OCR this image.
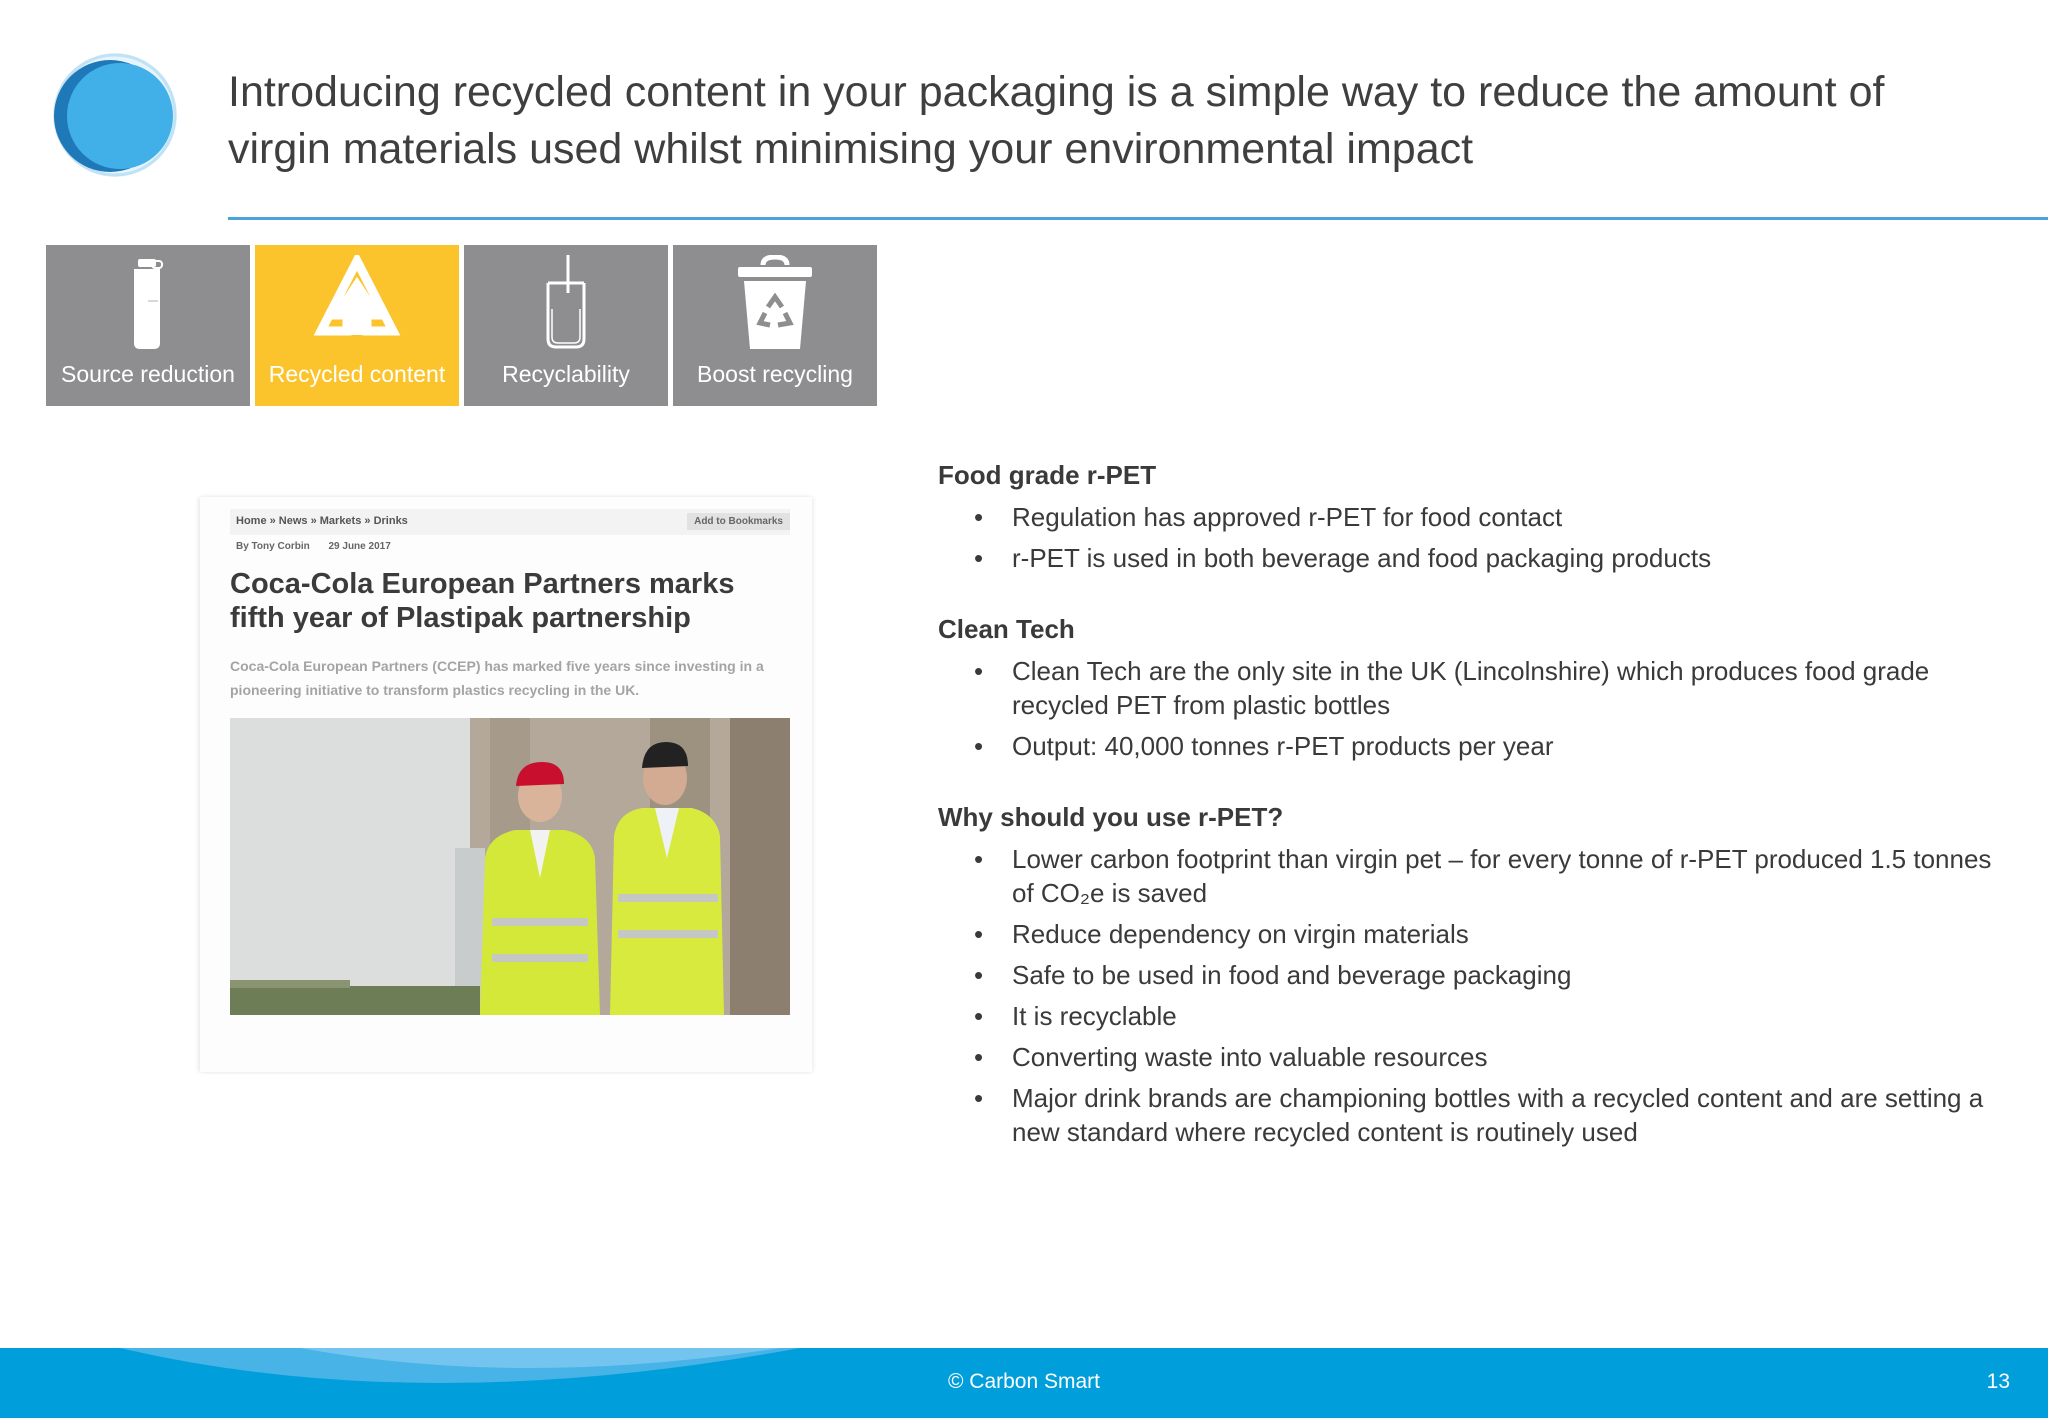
Introducing recycled content in your packaging is a simple way to reduce the amount of virgin materials used whilst minimising your environmental impact
Source reduction	Recycled content	Recyclability	Boost recycling
Home » News » Markets » Drinks	Add to Bookmarks
By Tony Corbin 29 June 2017
Coca-Cola European Partners marks fifth year of Plastipak partnership

Coca-Cola European Partners (CCEP) has marked five years since investing in a pioneering initiative to transform plastics recycling in the UK.

Food grade r-PET
• Regulation has approved r-PET for food contact
• r-PET is used in both beverage and food packaging products
Clean Tech
• Clean Tech are the only site in the UK (Lincolnshire) which produces food grade recycled PET from plastic bottles
• Output: 40,000 tonnes r-PET products per year
Why should you use r-PET?
• Lower carbon footprint than virgin pet – for every tonne of r-PET produced 1.5 tonnes of CO₂e is saved
• Reduce dependency on virgin materials
• Safe to be used in food and beverage packaging
• It is recyclable
• Converting waste into valuable resources
• Major drink brands are championing bottles with a recycled content and are setting a new standard where recycled content is routinely used
© Carbon Smart	13
